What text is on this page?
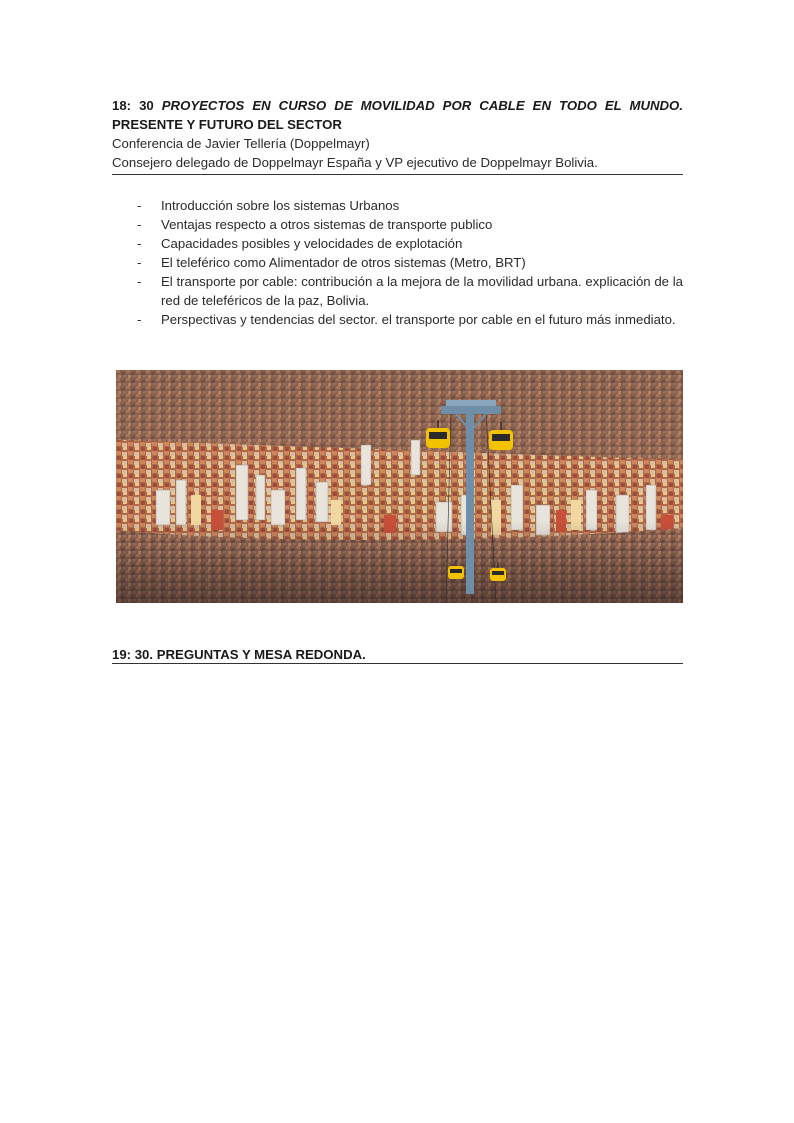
18: 30 PROYECTOS EN CURSO DE MOVILIDAD POR CABLE EN TODO EL MUNDO.
PRESENTE Y FUTURO DEL SECTOR
Conferencia de Javier Tellería (Doppelmayr)
Consejero delegado de Doppelmayr España y VP ejecutivo de Doppelmayr Bolivia.
- Introducción sobre los sistemas Urbanos
- Ventajas respecto a otros sistemas de transporte publico
- Capacidades posibles y velocidades de explotación
- El teleférico como Alimentador de otros sistemas (Metro, BRT)
- El transporte por cable: contribución a la mejora de la movilidad urbana. explicación de la red de teleféricos de la paz, Bolivia.
- Perspectivas y tendencias del sector. el transporte por cable en el futuro más inmediato.
19: 30. PREGUNTAS Y MESA REDONDA.
